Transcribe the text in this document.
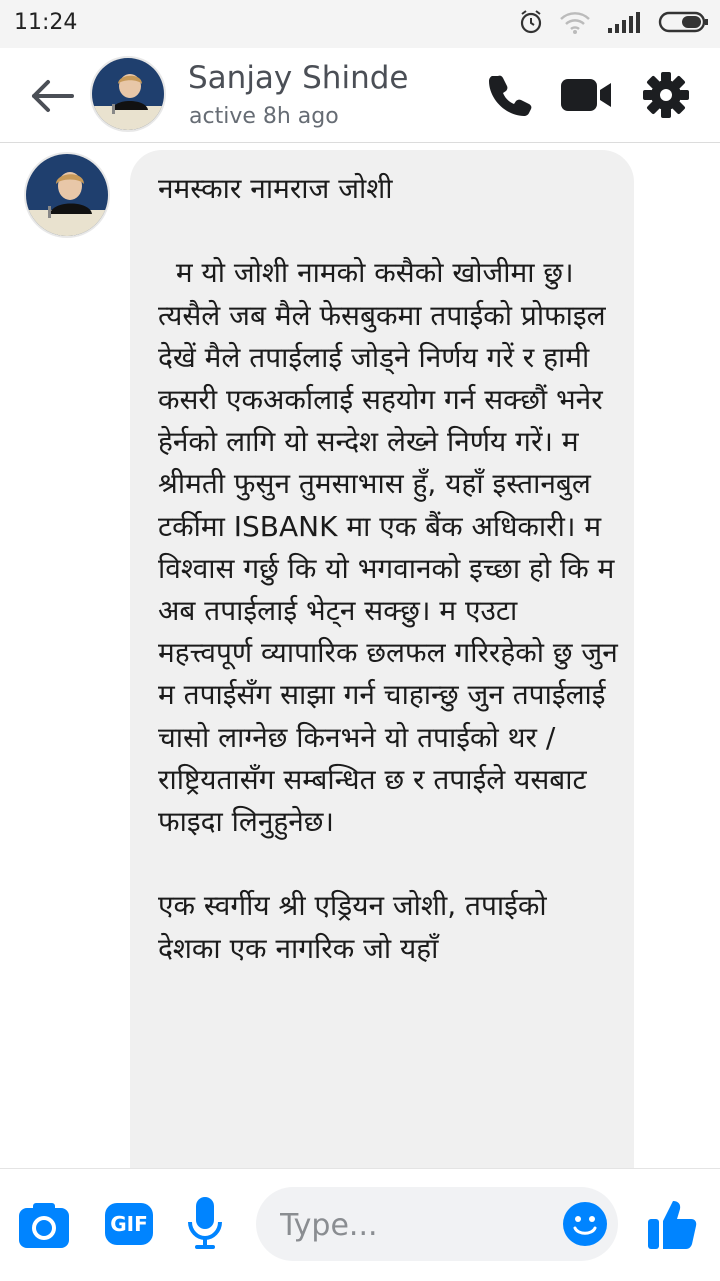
11:24
Sanjay Shinde
active 8h ago
नमस्कार नामराज जोशी

म यो जोशी नामको कसैको खोजीमा छु। त्यसैले जब मैले फेसबुकमा तपाईको प्रोफाइल देखें मैले तपाईलाई जोड्ने निर्णय गरें र हामी कसरी एकअर्कालाई सहयोग गर्न सक्छौं भनेर हेर्नको लागि यो सन्देश लेख्ने निर्णय गरें। म श्रीमती फुसुन तुमसाभास हुँ, यहाँ इस्तानबुल टर्कीमा ISBANK मा एक बैंक अधिकारी। म विश्वास गर्छु कि यो भगवानको इच्छा हो कि म अब तपाईलाई भेट्न सक्छु। म एउटा महत्त्वपूर्ण व्यापारिक छलफल गरिरहेको छु जुन म तपाईसँग साझा गर्न चाहान्छु जुन तपाईलाई चासो लाग्नेछ किनभने यो तपाईको थर / राष्ट्रियतासँग सम्बन्धित छ र तपाईले यसबाट फाइदा लिनुहुनेछ।

एक स्वर्गीय श्री एड्रियन जोशी, तपाईको देशका एक नागरिक जो यहाँ
GIF
Type...
